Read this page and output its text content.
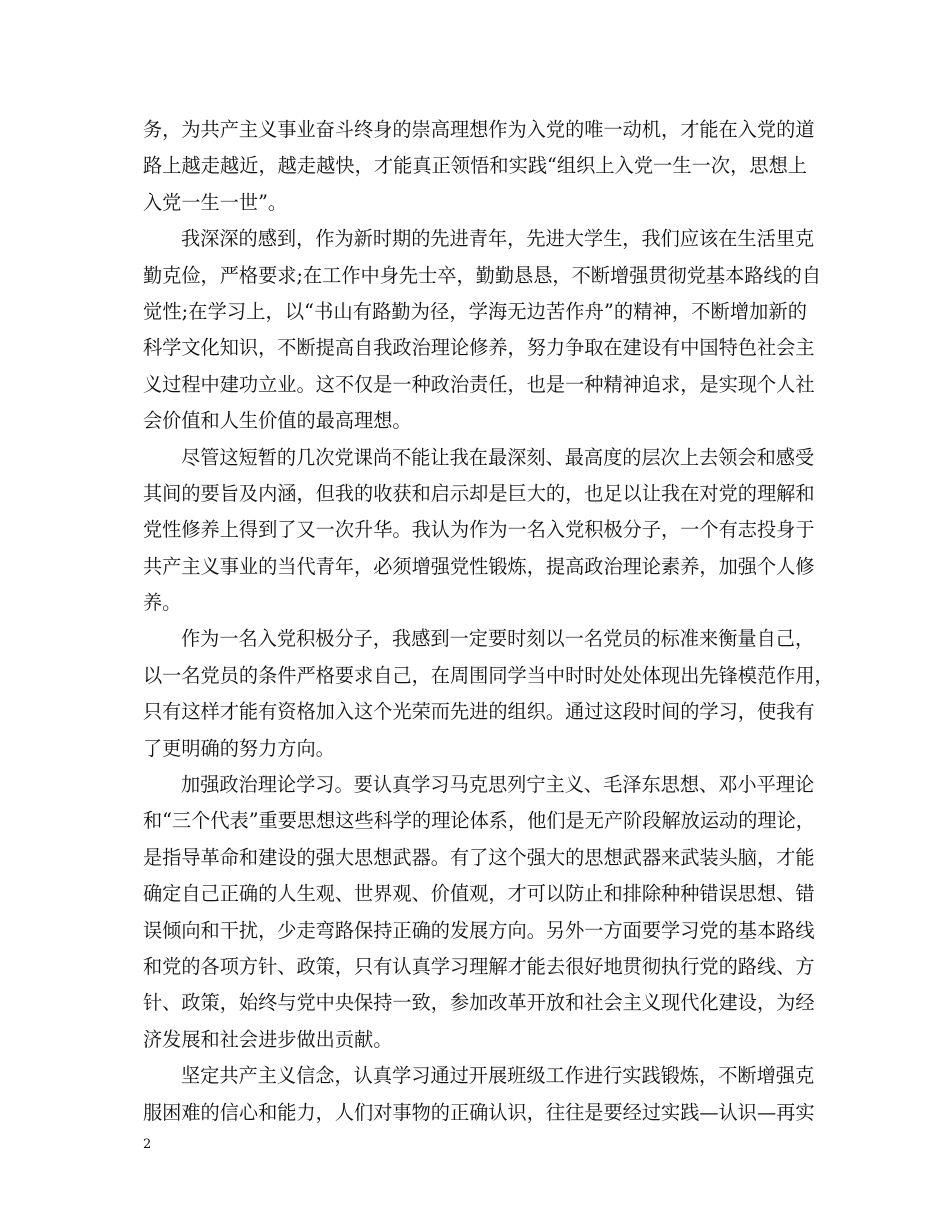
务，为共产主义事业奋斗终身的崇高理想作为入党的唯一动机，才能在入党的道
路上越走越近，越走越快，才能真正领悟和实践“组织上入党一生一次，思想上
入党一生一世”。
我深深的感到，作为新时期的先进青年，先进大学生，我们应该在生活里克
勤克俭，严格要求;在工作中身先士卒，勤勤恳恳，不断增强贯彻党基本路线的自
觉性;在学习上，以“书山有路勤为径，学海无边苦作舟”的精神，不断增加新的
科学文化知识，不断提高自我政治理论修养，努力争取在建设有中国特色社会主
义过程中建功立业。这不仅是一种政治责任，也是一种精神追求，是实现个人社
会价值和人生价值的最高理想。
尽管这短暂的几次党课尚不能让我在最深刻、最高度的层次上去领会和感受
其间的要旨及内涵，但我的收获和启示却是巨大的，也足以让我在对党的理解和
党性修养上得到了又一次升华。我认为作为一名入党积极分子，一个有志投身于
共产主义事业的当代青年，必须增强党性锻炼，提高政治理论素养，加强个人修
养。
作为一名入党积极分子，我感到一定要时刻以一名党员的标准来衡量自己，
以一名党员的条件严格要求自己，在周围同学当中时时处处体现出先锋模范作用，
只有这样才能有资格加入这个光荣而先进的组织。通过这段时间的学习，使我有
了更明确的努力方向。
加强政治理论学习。要认真学习马克思列宁主义、毛泽东思想、邓小平理论
和“三个代表”重要思想这些科学的理论体系，他们是无产阶段解放运动的理论，
是指导革命和建设的强大思想武器。有了这个强大的思想武器来武装头脑，才能
确定自己正确的人生观、世界观、价值观，才可以防止和排除种种错误思想、错
误倾向和干扰，少走弯路保持正确的发展方向。另外一方面要学习党的基本路线
和党的各项方针、政策，只有认真学习理解才能去很好地贯彻执行党的路线、方
针、政策，始终与党中央保持一致，参加改革开放和社会主义现代化建设，为经
济发展和社会进步做出贡献。
坚定共产主义信念，认真学习通过开展班级工作进行实践锻炼，不断增强克
服困难的信心和能力，人们对事物的正确认识，往往是要经过实践—认识—再实
2
